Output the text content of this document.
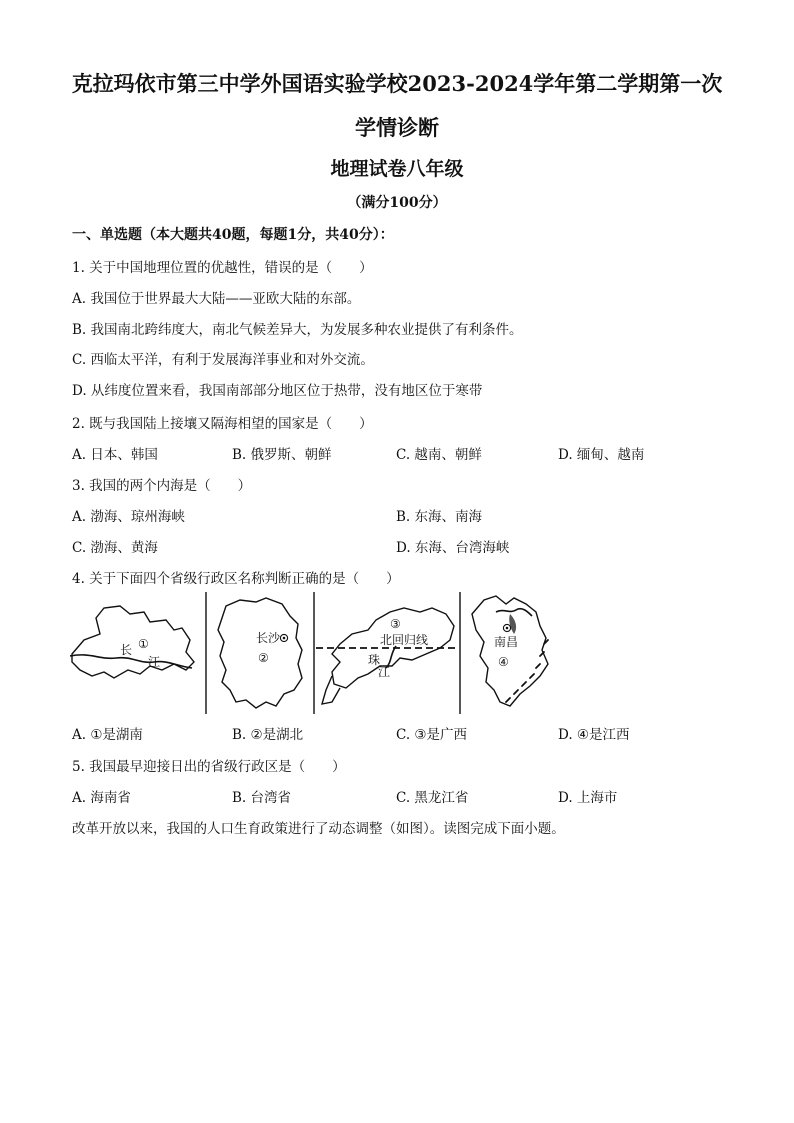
克拉玛依市第三中学外国语实验学校2023-2024学年第二学期第一次
学情诊断
地理试卷八年级
（满分100分）
一、单选题（本大题共40题，每题1分，共40分）：
1. 关于中国地理位置的优越性，错误的是（　　）
A. 我国位于世界最大大陆——亚欧大陆的东部。
B. 我国南北跨纬度大，南北气候差异大，为发展多种农业提供了有利条件。
C. 西临太平洋，有利于发展海洋事业和对外交流。
D. 从纬度位置来看，我国南部部分地区位于热带，没有地区位于寒带
2. 既与我国陆上接壤又隔海相望的国家是（　　）
A. 日本、韩国	B. 俄罗斯、朝鲜	C. 越南、朝鲜	D. 缅甸、越南
3. 我国的两个内海是（　　）
A. 渤海、琼州海峡	B. 东海、南海
C. 渤海、黄海	D. 东海、台湾海峡
4. 关于下面四个省级行政区名称判断正确的是（　　）
①
长
江
长沙
②
③
北回归线
珠
江
南昌
④
A. ①是湖南	B. ②是湖北	C. ③是广西	D. ④是江西
5. 我国最早迎接日出的省级行政区是（　　）
A. 海南省	B. 台湾省	C. 黑龙江省	D. 上海市
改革开放以来，我国的人口生育政策进行了动态调整（如图）。读图完成下面小题。
